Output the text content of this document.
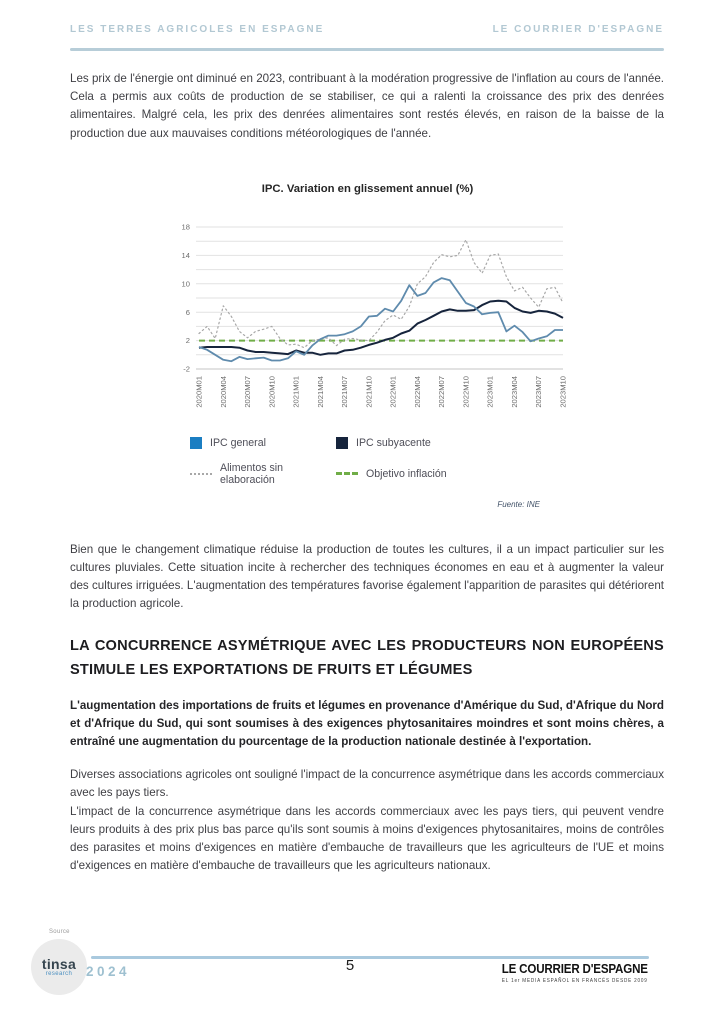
LES TERRES AGRICOLES EN ESPAGNE	LE COURRIER D'ESPAGNE

Les prix de l'énergie ont diminué en 2023, contribuant à la modération progressive de l'inflation au cours de l'année. Cela a permis aux coûts de production de se stabiliser, ce qui a ralenti la croissance des prix des denrées alimentaires. Malgré cela, les prix des denrées alimentaires sont restés élevés, en raison de la baisse de la production due aux mauvaises conditions météorologiques de l'année.

IPC. Variation en glissement annuel (%)
-2
2
6
10
14
18
2020M01 2020M04 2020M07 2020M10 2021M01 2021M04 2021M07 2021M10 2022M01 2022M04 2022M07 2022M10 2023M01 2023M04 2023M07 2023M10
IPC general	IPC subyacente
Alimentos sin elaboración	Objetivo inflación
Fuente: INE

Bien que le changement climatique réduise la production de toutes les cultures, il a un impact particulier sur les cultures pluviales. Cette situation incite à rechercher des techniques économes en eau et à augmenter la valeur des cultures irriguées. L'augmentation des températures favorise également l'apparition de parasites qui détériorent la production agricole.

LA CONCURRENCE ASYMÉTRIQUE AVEC LES PRODUCTEURS NON EUROPÉENS STIMULE LES EXPORTATIONS DE FRUITS ET LÉGUMES

L'augmentation des importations de fruits et légumes en provenance d'Amérique du Sud, d'Afrique du Nord et d'Afrique du Sud, qui sont soumises à des exigences phytosanitaires moindres et sont moins chères, a entraîné une augmentation du pourcentage de la production nationale destinée à l'exportation.

Diverses associations agricoles ont souligné l'impact de la concurrence asymétrique dans les accords commerciaux avec les pays tiers.

L'impact de la concurrence asymétrique dans les accords commerciaux avec les pays tiers, qui peuvent vendre leurs produits à des prix plus bas parce qu'ils sont soumis à moins d'exigences phytosanitaires, moins de contrôles des parasites et moins d'exigences en matière d'embauche de travailleurs que les agriculteurs de l'UE et moins d'exigences en matière d'embauche de travailleurs que les agriculteurs nationaux.

Source
tinsa
research 2024	5	LE COURRIER D'ESPAGNE
EL 1er MEDIA ESPAÑOL EN FRANCÉS DESDE 2009
